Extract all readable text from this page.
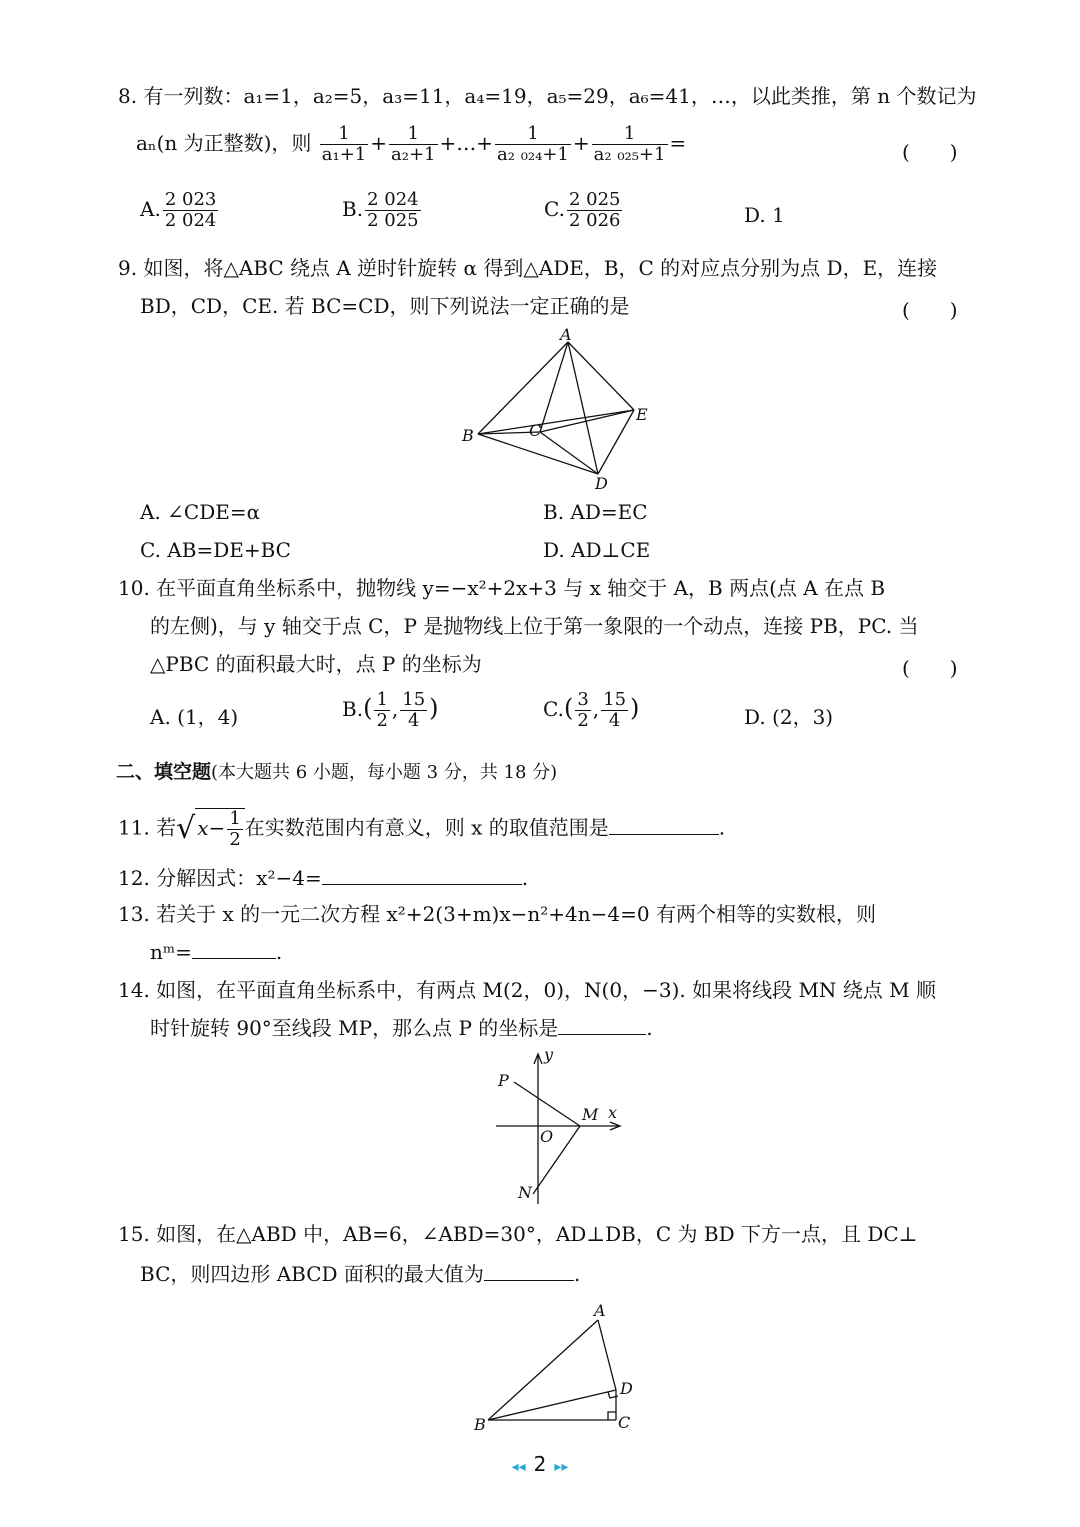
8. 有一列数：a₁=1，a₂=5，a₃=11，a₄=19，a₅=29，a₆=41，…，以此类推，第 n 个数记为
aₙ(n 为正整数)，则 $\frac{1}{\text{a₁+1}} + \frac{1}{\text{a₂+1}}$ +…+ $\frac{1}{\text{a₂ ₀₂₄+1}} + \frac{1}{\text{a₂ ₀₂₅+1}}$ =	(　　)
A. $\frac{2 023}{2 024}$	B. $\frac{2 024}{2 025}$	C. $\frac{2 025}{2 026}$	D. 1
9. 如图，将△ABC 绕点 A 逆时针旋转 α 得到△ADE，B，C 的对应点分别为点 D，E，连接
BD，CD，CE. 若 BC=CD，则下列说法一定正确的是	(　　)
A
B	C
D
E
A. ∠CDE=α	B. AD=EC
C. AB=DE+BC	D. AD⊥CE
10. 在平面直角坐标系中，抛物线 y=−x²+2x+3 与 x 轴交于 A，B 两点(点 A 在点 B
的左侧)，与 y 轴交于点 C，P 是抛物线上位于第一象限的一个动点，连接 PB，PC. 当
△PBC 的面积最大时，点 P 的坐标为	(　　)
A. (1，4)	$B.( \frac{1}{2}$ , $\frac{15}{4}$ )	$C.( \frac{3}{2}$ , $\frac{15}{4}$ )	D. (2，3)
二、填空题(本大题共 6 小题，每小题 3 分，共 18 分)
11. 若√ $x- \frac{1}{2}$ 在实数范围内有意义，则 x 的取值范围是	.
12. 分解因式：x²−4=	.
13. 若关于 x 的一元二次方程 x²+2(3+m)x−n²+4n−4=0 有两个相等的实数根，则
nᵐ=	.
14. 如图，在平面直角坐标系中，有两点 M(2，0)，N(0，−3). 如果将线段 MN 绕点 M 顺
时针旋转 90°至线段 MP，那么点 P 的坐标是	.
y
x
P
M
O
N
15. 如图，在△ABD 中，AB=6，∠ABD=30°，AD⊥DB，C 为 BD 下方一点，且 DC⊥
BC，则四边形 ABCD 面积的最大值为	.
A
B	C
D
◂◂ 2 ▸▸
